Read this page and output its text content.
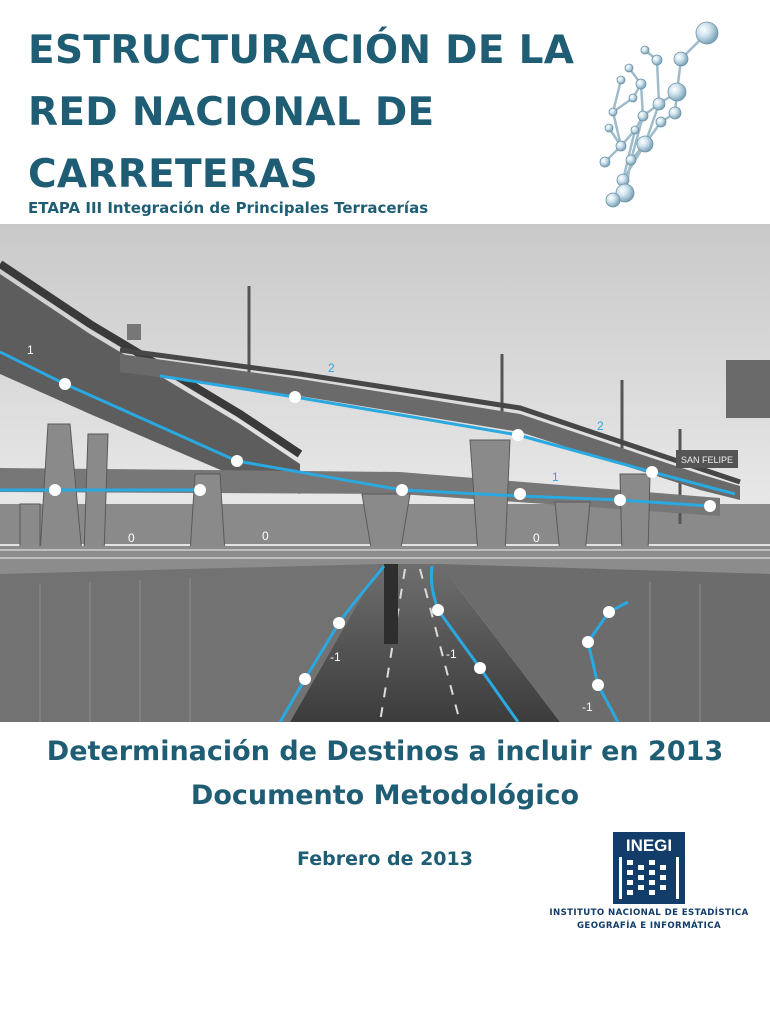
ESTRUCTURACIÓN DE LA
RED NACIONAL DE
CARRETERAS
ETAPA III Integración de Principales Terracerías
SAN FELIPE
1
2
2
1
0	0	0
-1	-1
-1
Determinación de Destinos a incluir en 2013
Documento Metodológico
Febrero de 2013
INEGI
INSTITUTO NACIONAL DE ESTADÍSTICA
GEOGRAFÍA E INFORMÁTICA
